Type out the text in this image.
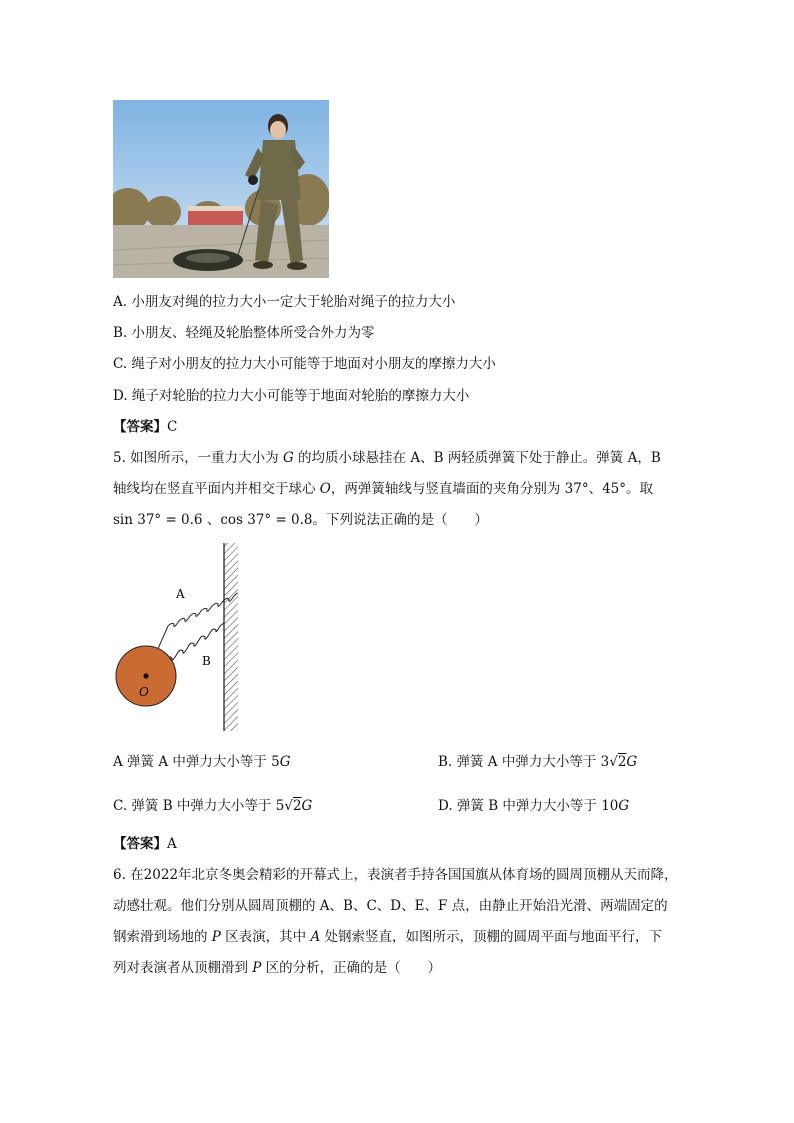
A. 小朋友对绳的拉力大小一定大于轮胎对绳子的拉力大小
B. 小朋友、轻绳及轮胎整体所受合外力为零
C. 绳子对小朋友的拉力大小可能等于地面对小朋友的摩擦力大小
D. 绳子对轮胎的拉力大小可能等于地面对轮胎的摩擦力大小
【答案】C
5. 如图所示，一重力大小为 G 的均质小球悬挂在 A、B 两轻质弹簧下处于静止。弹簧 A，B
轴线均在竖直平面内并相交于球心 O，两弹簧轴线与竖直墙面的夹角分别为 37°、45°。取
sin 37° = 0.6 、cos 37° = 0.8。下列说法正确的是（　　）
A
B
O
A 弹簧 A 中弹力大小等于 5G	B. 弹簧 A 中弹力大小等于 3√2G
C. 弹簧 B 中弹力大小等于 5√2G	D. 弹簧 B 中弹力大小等于 10G
【答案】A
6. 在2022年北京冬奥会精彩的开幕式上，表演者手持各国国旗从体育场的圆周顶棚从天而降，
动感壮观。他们分别从圆周顶棚的 A、B、C、D、E、F 点，由静止开始沿光滑、两端固定的
钢索滑到场地的 P 区表演，其中 A 处钢索竖直，如图所示，顶棚的圆周平面与地面平行，下
列对表演者从顶棚滑到 P 区的分析，正确的是（　　）
